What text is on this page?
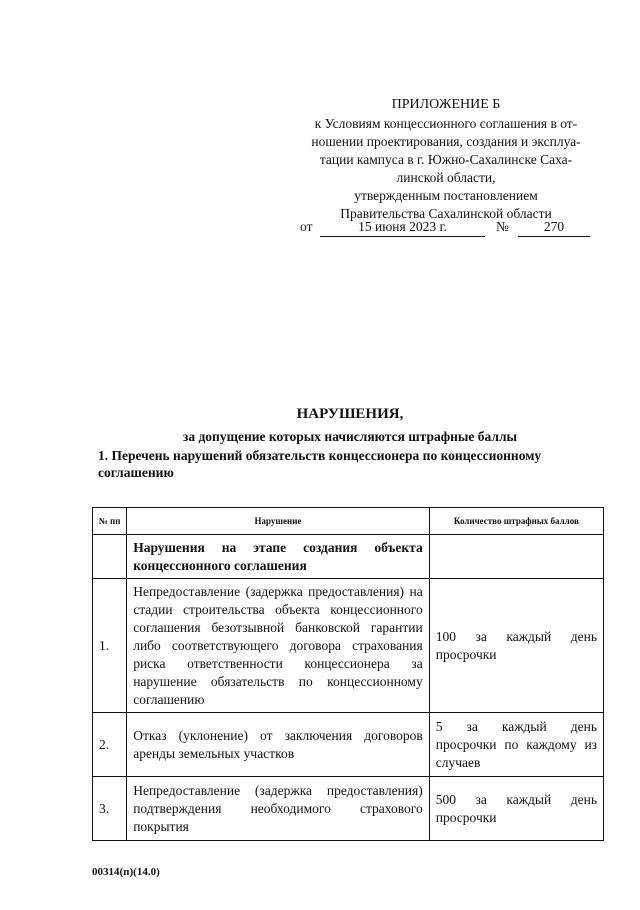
ПРИЛОЖЕНИЕ Б
к Условиям концессионного соглашения в от-
ношении проектирования, создания и эксплуа-
тации кампуса в г. Южно-Сахалинске Саха-
линской области,
утвержденным постановлением
Правительства Сахалинской области
от	15 июня 2023 г.	№	270
НАРУШЕНИЯ,
за допущение которых начисляются штрафные баллы
1. Перечень нарушений обязательств концессионера по концессионному соглашению
№ пп	Нарушение	Количество штрафных баллов
	Нарушения на этапе создания объекта концессионного соглашения	
1.	Непредоставление (задержка предоставления) на стадии строительства объекта концессионного соглашения безотзывной банковской гарантии либо соответствующего договора страхования риска ответственности концессионера за нарушение обязательств по концессионному соглашению	100 за каждый день просрочки
2.	Отказ (уклонение) от заключения договоров аренды земельных участков	5 за каждый день просрочки по каждому из случаев
3.	Непредоставление (задержка предоставления) подтверждения необходимого страхового покрытия	500 за каждый день просрочки
00314(п)(14.0)
